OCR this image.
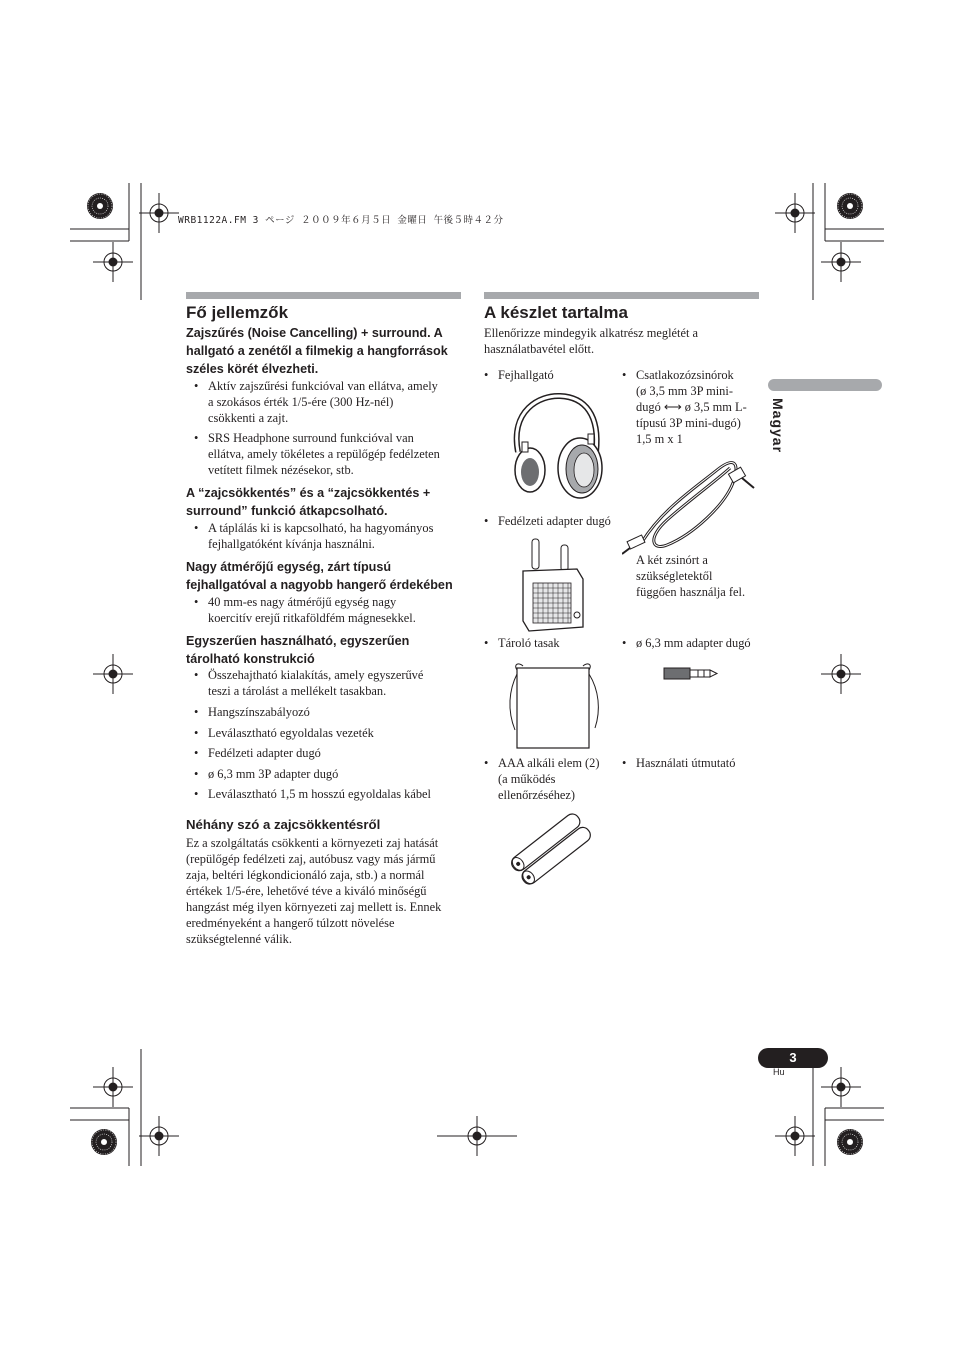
WRB1122A.FM 3 ページ ２００９年６月５日 金曜日 午後５時４２分
Fő jellemzők
Zajszűrés (Noise Cancelling) + surround. A
hallgató a zenétől a filmekig a hangforrások
széles körét élvezheti.
• Aktív zajszűrési funkcióval van ellátva, amely
a szokásos érték 1/5-ére (300 Hz-nél)
csökkenti a zajt.
• SRS Headphone surround funkcióval van
ellátva, amely tökéletes a repülőgép fedélzeten
vetített filmek nézésekor, stb.
A “zajcsökkentés” és a “zajcsökkentés +
surround” funkció átkapcsolható.
• A táplálás ki is kapcsolható, ha hagyományos
fejhallgatóként kívánja használni.
Nagy átmérőjű egység, zárt típusú
fejhallgatóval a nagyobb hangerő érdekében
• 40 mm-es nagy átmérőjű egység nagy
koercitív erejű ritkaföldfém mágnesekkel.
Egyszerűen használható, egyszerűen
tárolható konstrukció
• Összehajtható kialakítás, amely egyszerűvé
teszi a tárolást a mellékelt tasakban.
• Hangszínszabályozó
• Leválasztható egyoldalas vezeték
• Fedélzeti adapter dugó
• ø 6,3 mm 3P adapter dugó
• Leválasztható 1,5 m hosszú egyoldalas kábel
Néhány szó a zajcsökkentésről
Ez a szolgáltatás csökkenti a környezeti zaj hatását
(repülőgép fedélzeti zaj, autóbusz vagy más jármű
zaja, beltéri légkondicionáló zaja, stb.) a normál
értékek 1/5-ére, lehetővé téve a kiváló minőségű
hangzást még ilyen környezeti zaj mellett is. Ennek
eredményeként a hangerő túlzott növelése
szükségtelenné válik.
A készlet tartalma
Ellenőrizze mindegyik alkatrész meglétét a
használatbavétel előtt.
• Fejhallgató	• Csatlakozózsinórok
(ø 3,5 mm 3P mini-
dugó ⟷ ø 3,5 mm L-
típusú 3P mini-dugó)
1,5 m x 1
• Fedélzeti adapter dugó
A két zsinórt a
szükségletektől
függően használja fel.
• Tároló tasak	• ø 6,3 mm adapter dugó
• AAA alkáli elem (2)
(a működés
ellenőrzéséhez)
• Használati útmutató
Magyar
3
Hu
